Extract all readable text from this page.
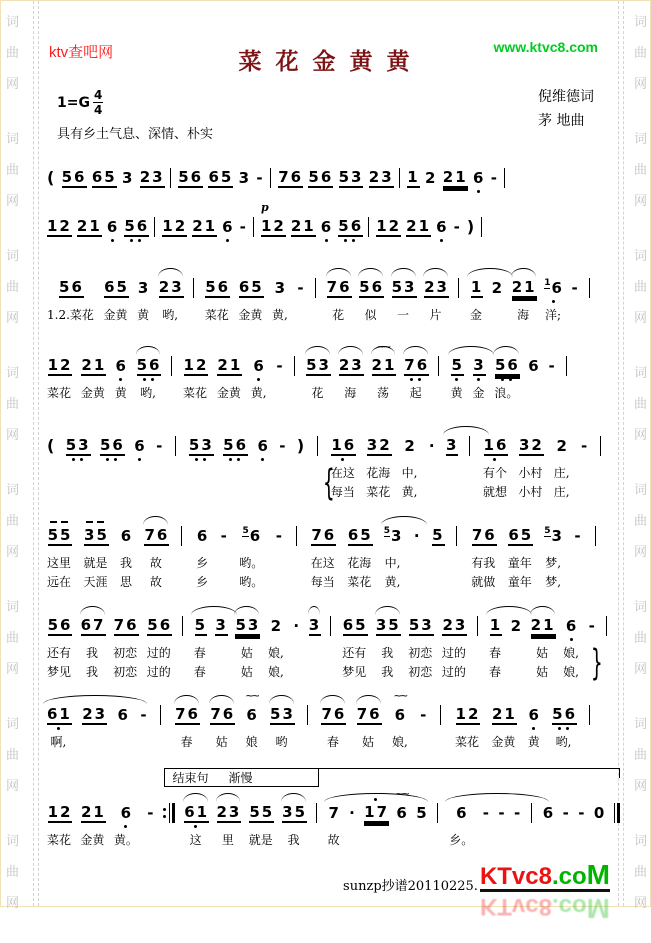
词
曲
网
词
曲
网
词
曲
网
词
曲
网
词
曲
网
词
曲
网
词
曲
网
词
曲
网
词
曲
网
词
曲
网
词
曲
网
词
曲
网
词
曲
网
词
曲
网
词
曲
网
词
曲
网
ktv查吧网	菜 花 金 黄 黄
www.ktvc8.com
$1=G \frac{4}{4}$	倪维德词
茅 地曲
具有乡土气息、深情、朴实
( 56 65 3 23 56 65 3 - 76 56 53 23 1 2 21 6 -
12 21 6 56 12 21 6 -
p
12 21 6 56 12 21 6 - )
56
1.2.菜花
65
金黄
3
黄
23
哟,

56
菜花
65
金黄
3
黄,
-

76
花
56
似
53
一
23
片

1
金
2
21
海
1 6
洋;
-

12
菜花
21
金黄
6
黄
56
哟,

12
菜花
21
金黄
6
黄,
-

53
花
23
海
~~
21
荡
76
起

5
黄
3
金
56
浪。
6
-

(

53

56

6

-

53

56

6

-

)

16
在这
每当
{
32
花海
菜花
2
中,
黄,
·

3

16
有个
就想
32
小村
小村
2
庄,
庄,
-

55
这里
远在
35
就是
天涯
6
我
思
76
故
故

6
乡
乡
-

5 6
哟。
哟。
-

76
在这
每当
65
花海
菜花
5 3
中,
黄,
·

5

76
有我
就做
65
童年
童年
5 3
梦,
梦,
-

56
还有
梦见
67
我
我
76
初恋
初恋
56
过的
过的

5
春
春
3

53
姑
姑
2
娘,
娘,
·

3

65
还有
梦见
35
我
我
53
初恋
初恋
23
过的
过的

1
春
春
2

21
姑
姑
6
娘,
娘,
-

}

61
啊,
23
6
-

76
春
76
姑
~~
6
娘
53
哟

76
春
76
姑
~~
6
娘,
-

12
菜花
21
金黄
6
黄
56
哟,

结束句 渐慢
12
菜花
21
金黄
6
黄。
-

61
这
23
里
55
就是
35
我

7
故
·
17

~~
6
5

6
乡。
-
-
-

6
-
-
0

sunzp抄谱20110225. KTvc8.coM
KTvc8.coM
